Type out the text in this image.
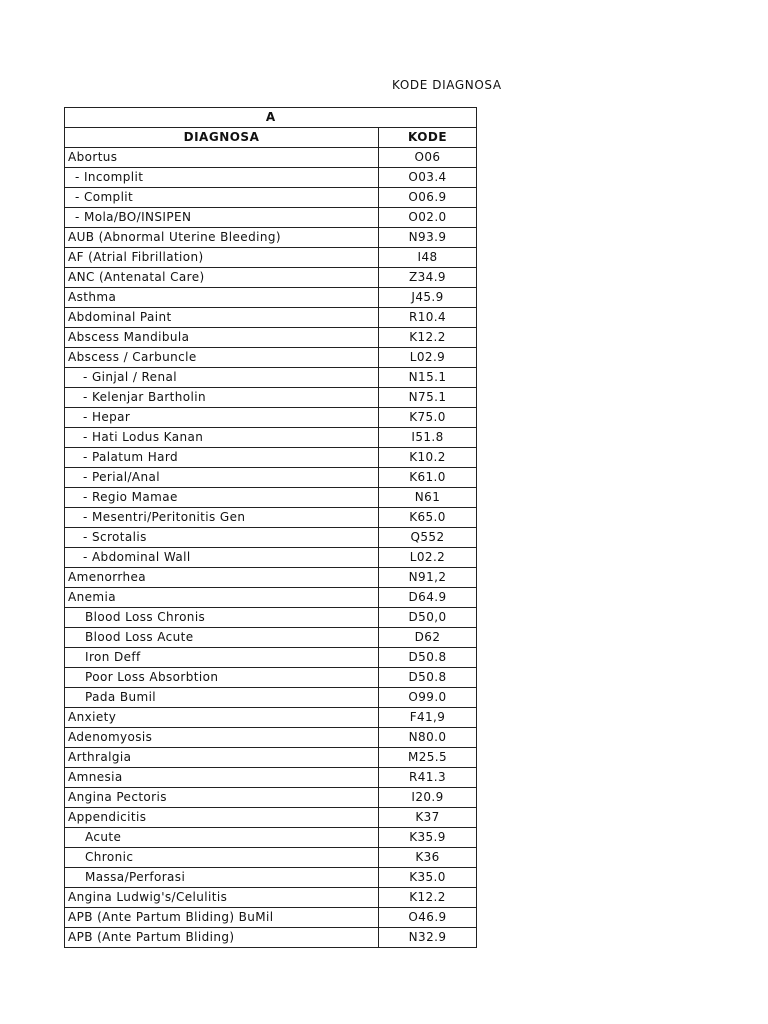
KODE DIAGNOSA
A	
DIAGNOSA	KODE
Abortus	O06
- Incomplit	O03.4
- Complit	O06.9
- Mola/BO/INSIPEN	O02.0
AUB (Abnormal Uterine Bleeding)	N93.9
AF (Atrial Fibrillation)	I48
ANC (Antenatal Care)	Z34.9
Asthma	J45.9
Abdominal Paint	R10.4
Abscess Mandibula	K12.2
Abscess / Carbuncle	L02.9
- Ginjal / Renal	N15.1
- Kelenjar Bartholin	N75.1
- Hepar	K75.0
- Hati Lodus Kanan	I51.8
- Palatum Hard	K10.2
- Perial/Anal	K61.0
- Regio Mamae	N61
- Mesentri/Peritonitis Gen	K65.0
- Scrotalis	Q552
- Abdominal Wall	L02.2
Amenorrhea	N91,2
Anemia	D64.9
Blood Loss Chronis	D50,0
Blood Loss Acute	D62
Iron Deff	D50.8
Poor Loss Absorbtion	D50.8
Pada Bumil	O99.0
Anxiety	F41,9
Adenomyosis	N80.0
Arthralgia	M25.5
Amnesia	R41.3
Angina Pectoris	I20.9
Appendicitis	K37
Acute	K35.9
Chronic	K36
Massa/Perforasi	K35.0
Angina Ludwig's/Celulitis	K12.2
APB (Ante Partum Bliding) BuMil	O46.9
APB (Ante Partum Bliding)	N32.9
